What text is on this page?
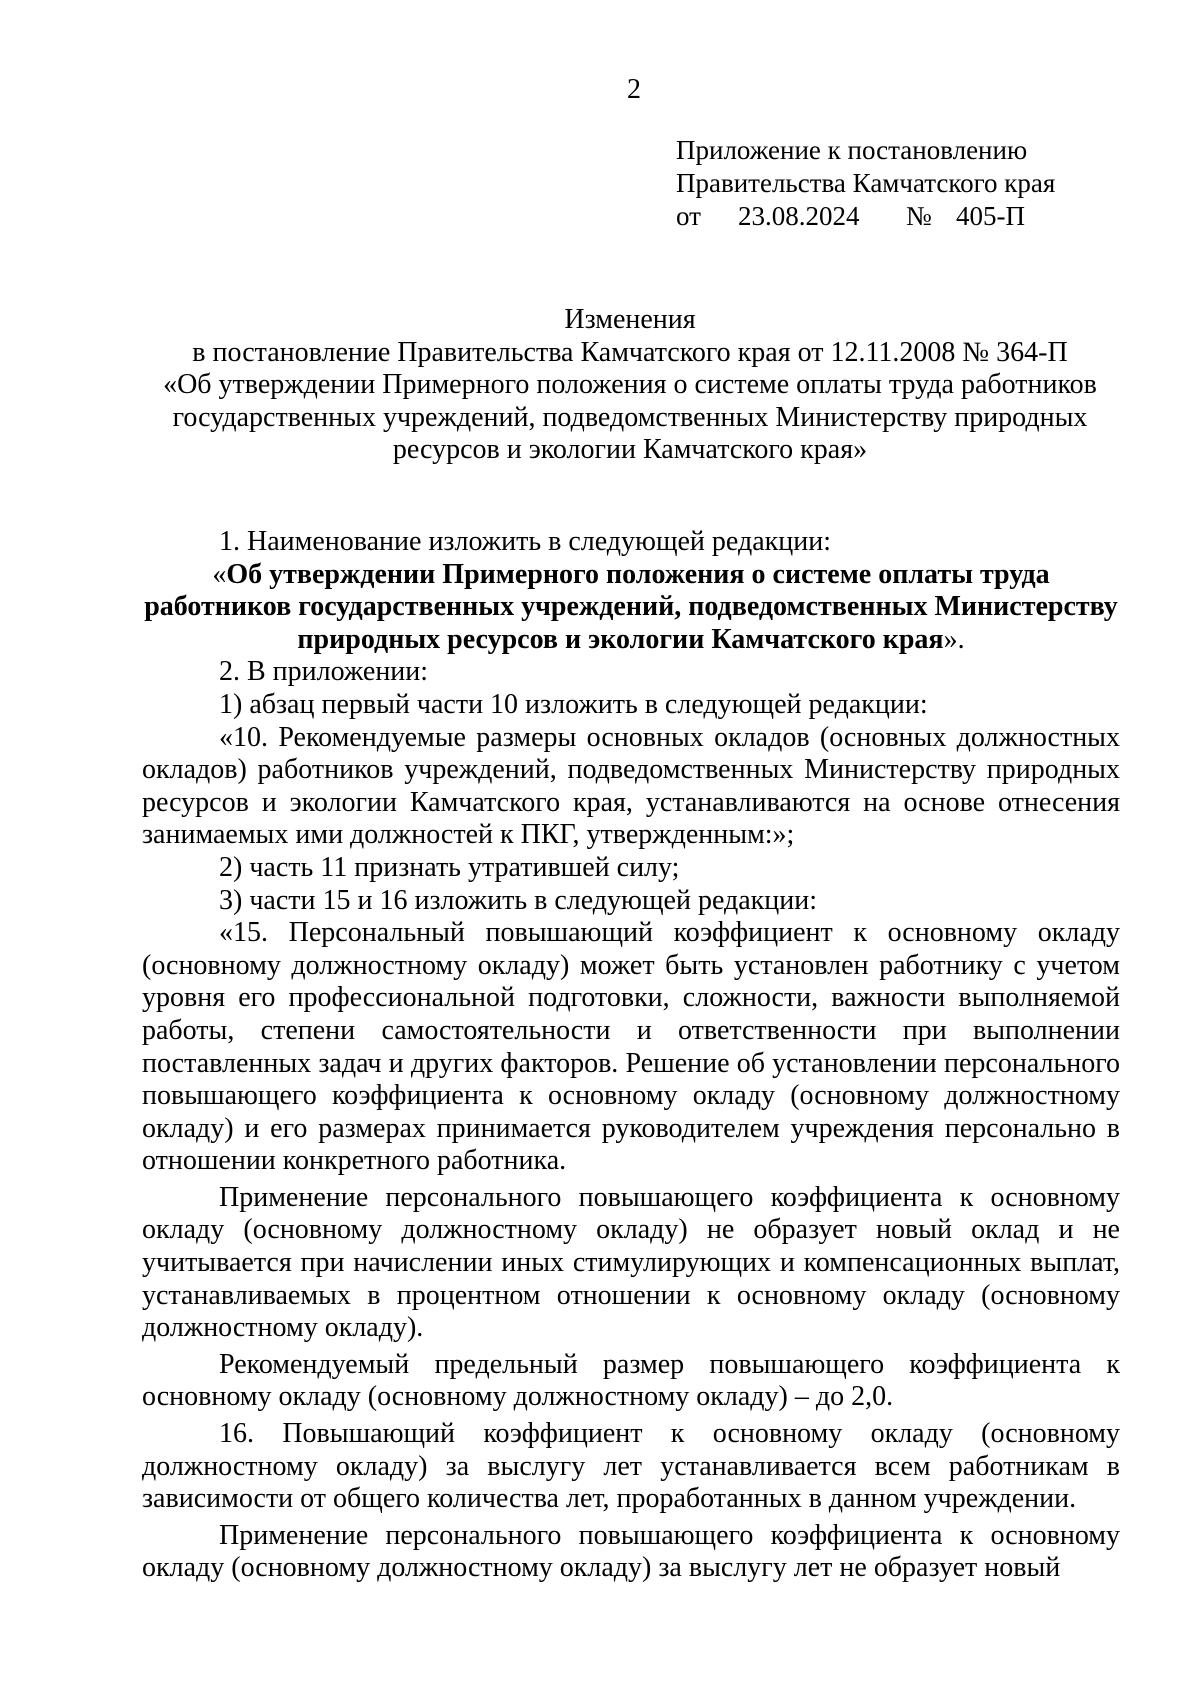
2
Приложение к постановлению
Правительства Камчатского края
от 23.08.2024 № 405-П
Изменения
в постановление Правительства Камчатского края от 12.11.2008 № 364-П
«Об утверждении Примерного положения о системе оплаты труда работников
государственных учреждений, подведомственных Министерству природных
ресурсов и экологии Камчатского края»

1. Наименование изложить в следующей редакции:

«Об утверждении Примерного положения о системе оплаты труда работников государственных учреждений, подведомственных Министерству природных ресурсов и экологии Камчатского края».

2. В приложении:

1) абзац первый части 10 изложить в следующей редакции:

«10. Рекомендуемые размеры основных окладов (основных должностных окладов) работников учреждений, подведомственных Министерству природных ресурсов и экологии Камчатского края, устанавливаются на основе отнесения занимаемых ими должностей к ПКГ, утвержденным:»;

2) часть 11 признать утратившей силу;

3) части 15 и 16 изложить в следующей редакции:

«15. Персональный повышающий коэффициент к основному окладу (основному должностному окладу) может быть установлен работнику с учетом уровня его профессиональной подготовки, сложности, важности выполняемой работы, степени самостоятельности и ответственности при выполнении поставленных задач и других факторов. Решение об установлении персонального повышающего коэффициента к основному окладу (основному должностному окладу) и его размерах принимается руководителем учреждения персонально в отношении конкретного работника.

Применение персонального повышающего коэффициента к основному окладу (основному должностному окладу) не образует новый оклад и не учитывается при начислении иных стимулирующих и компенсационных выплат, устанавливаемых в процентном отношении к основному окладу (основному должностному окладу).

Рекомендуемый предельный размер повышающего коэффициента к основному окладу (основному должностному окладу) – до 2,0.

16. Повышающий коэффициент к основному окладу (основному должностному окладу) за выслугу лет устанавливается всем работникам в зависимости от общего количества лет, проработанных в данном учреждении.

Применение персонального повышающего коэффициента к основному окладу (основному должностному окладу) за выслугу лет не образует новый
